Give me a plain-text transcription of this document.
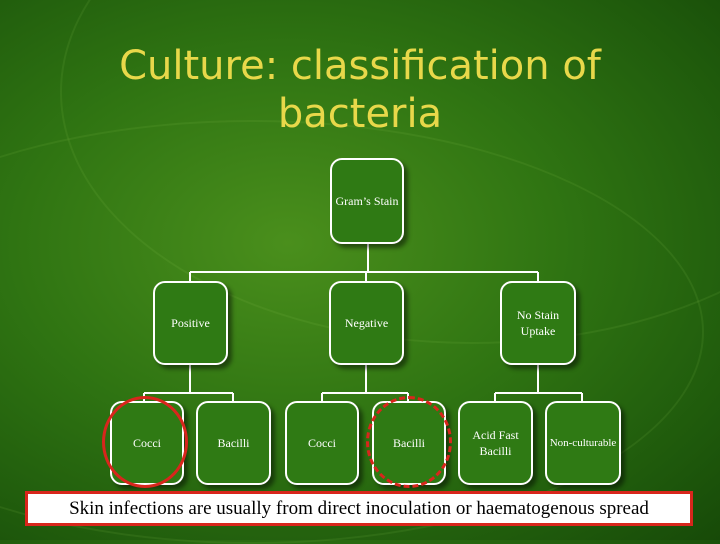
Culture: classification of
bacteria
Gram’s Stain
Positive	Negative
No Stain Uptake
Cocci	Bacilli	Cocci	Bacilli
Acid Fast Bacilli
Non-culturable
Skin infections are usually from direct inoculation or haematogenous spread
